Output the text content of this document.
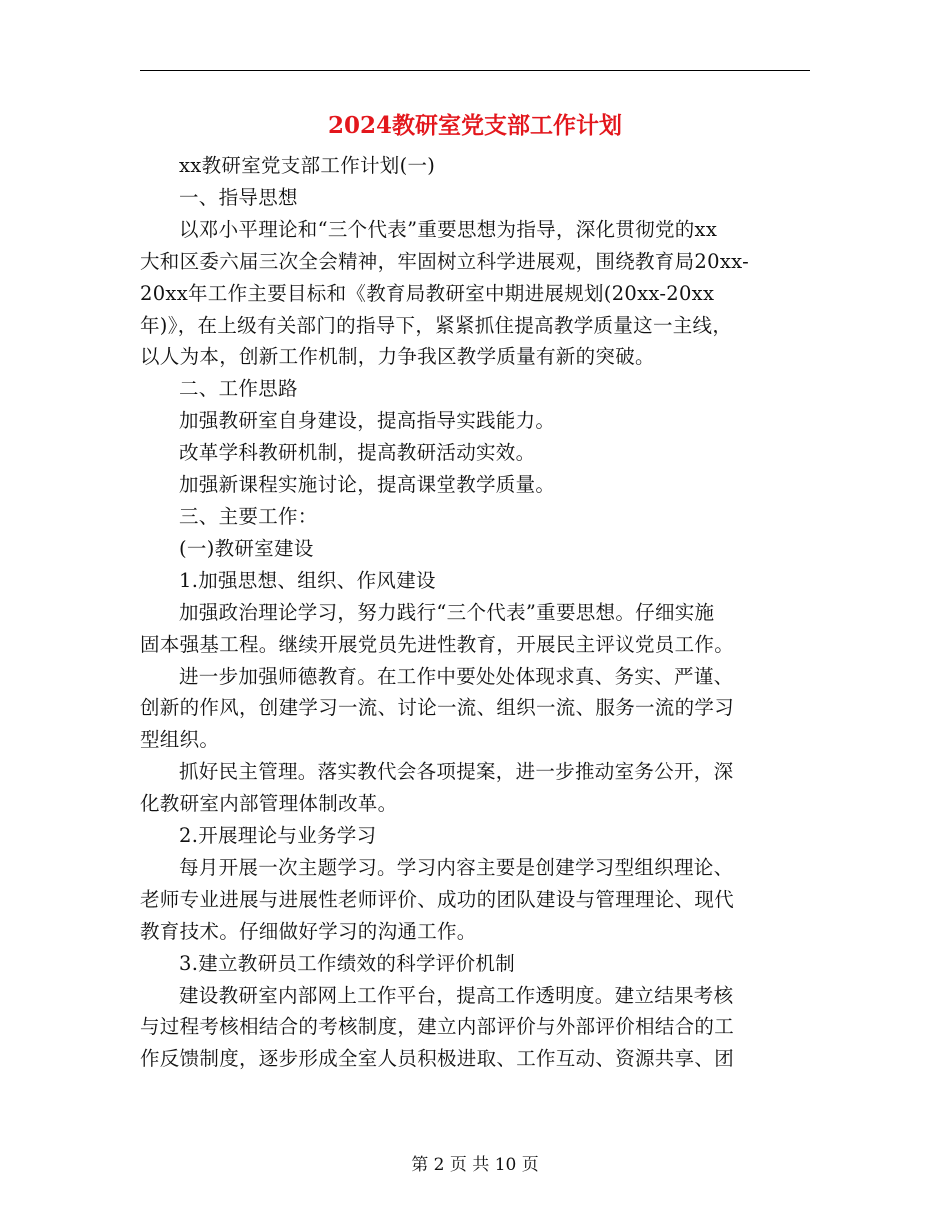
2024教研室党支部工作计划

xx教研室党支部工作计划(一)

一、指导思想

以邓小平理论和“三个代表”重要思想为指导，深化贯彻党的xx

大和区委六届三次全会精神，牢固树立科学进展观，围绕教育局20xx-
20xx年工作主要目标和《教育局教研室中期进展规划(20xx-20xx
年)》，在上级有关部门的指导下，紧紧抓住提高教学质量这一主线，
以人为本，创新工作机制，力争我区教学质量有新的突破。

二、工作思路

加强教研室自身建设，提高指导实践能力。

改革学科教研机制，提高教研活动实效。

加强新课程实施讨论，提高课堂教学质量。

三、主要工作：

(一)教研室建设

1.加强思想、组织、作风建设

加强政治理论学习，努力践行“三个代表”重要思想。仔细实施

固本强基工程。继续开展党员先进性教育，开展民主评议党员工作。

进一步加强师德教育。在工作中要处处体现求真、务实、严谨、

创新的作风，创建学习一流、讨论一流、组织一流、服务一流的学习
型组织。

抓好民主管理。落实教代会各项提案，进一步推动室务公开，深

化教研室内部管理体制改革。

2.开展理论与业务学习

每月开展一次主题学习。学习内容主要是创建学习型组织理论、

老师专业进展与进展性老师评价、成功的团队建设与管理理论、现代
教育技术。仔细做好学习的沟通工作。

3.建立教研员工作绩效的科学评价机制

建设教研室内部网上工作平台，提高工作透明度。建立结果考核

与过程考核相结合的考核制度，建立内部评价与外部评价相结合的工
作反馈制度，逐步形成全室人员积极进取、工作互动、资源共享、团

第 2 页 共 10 页
